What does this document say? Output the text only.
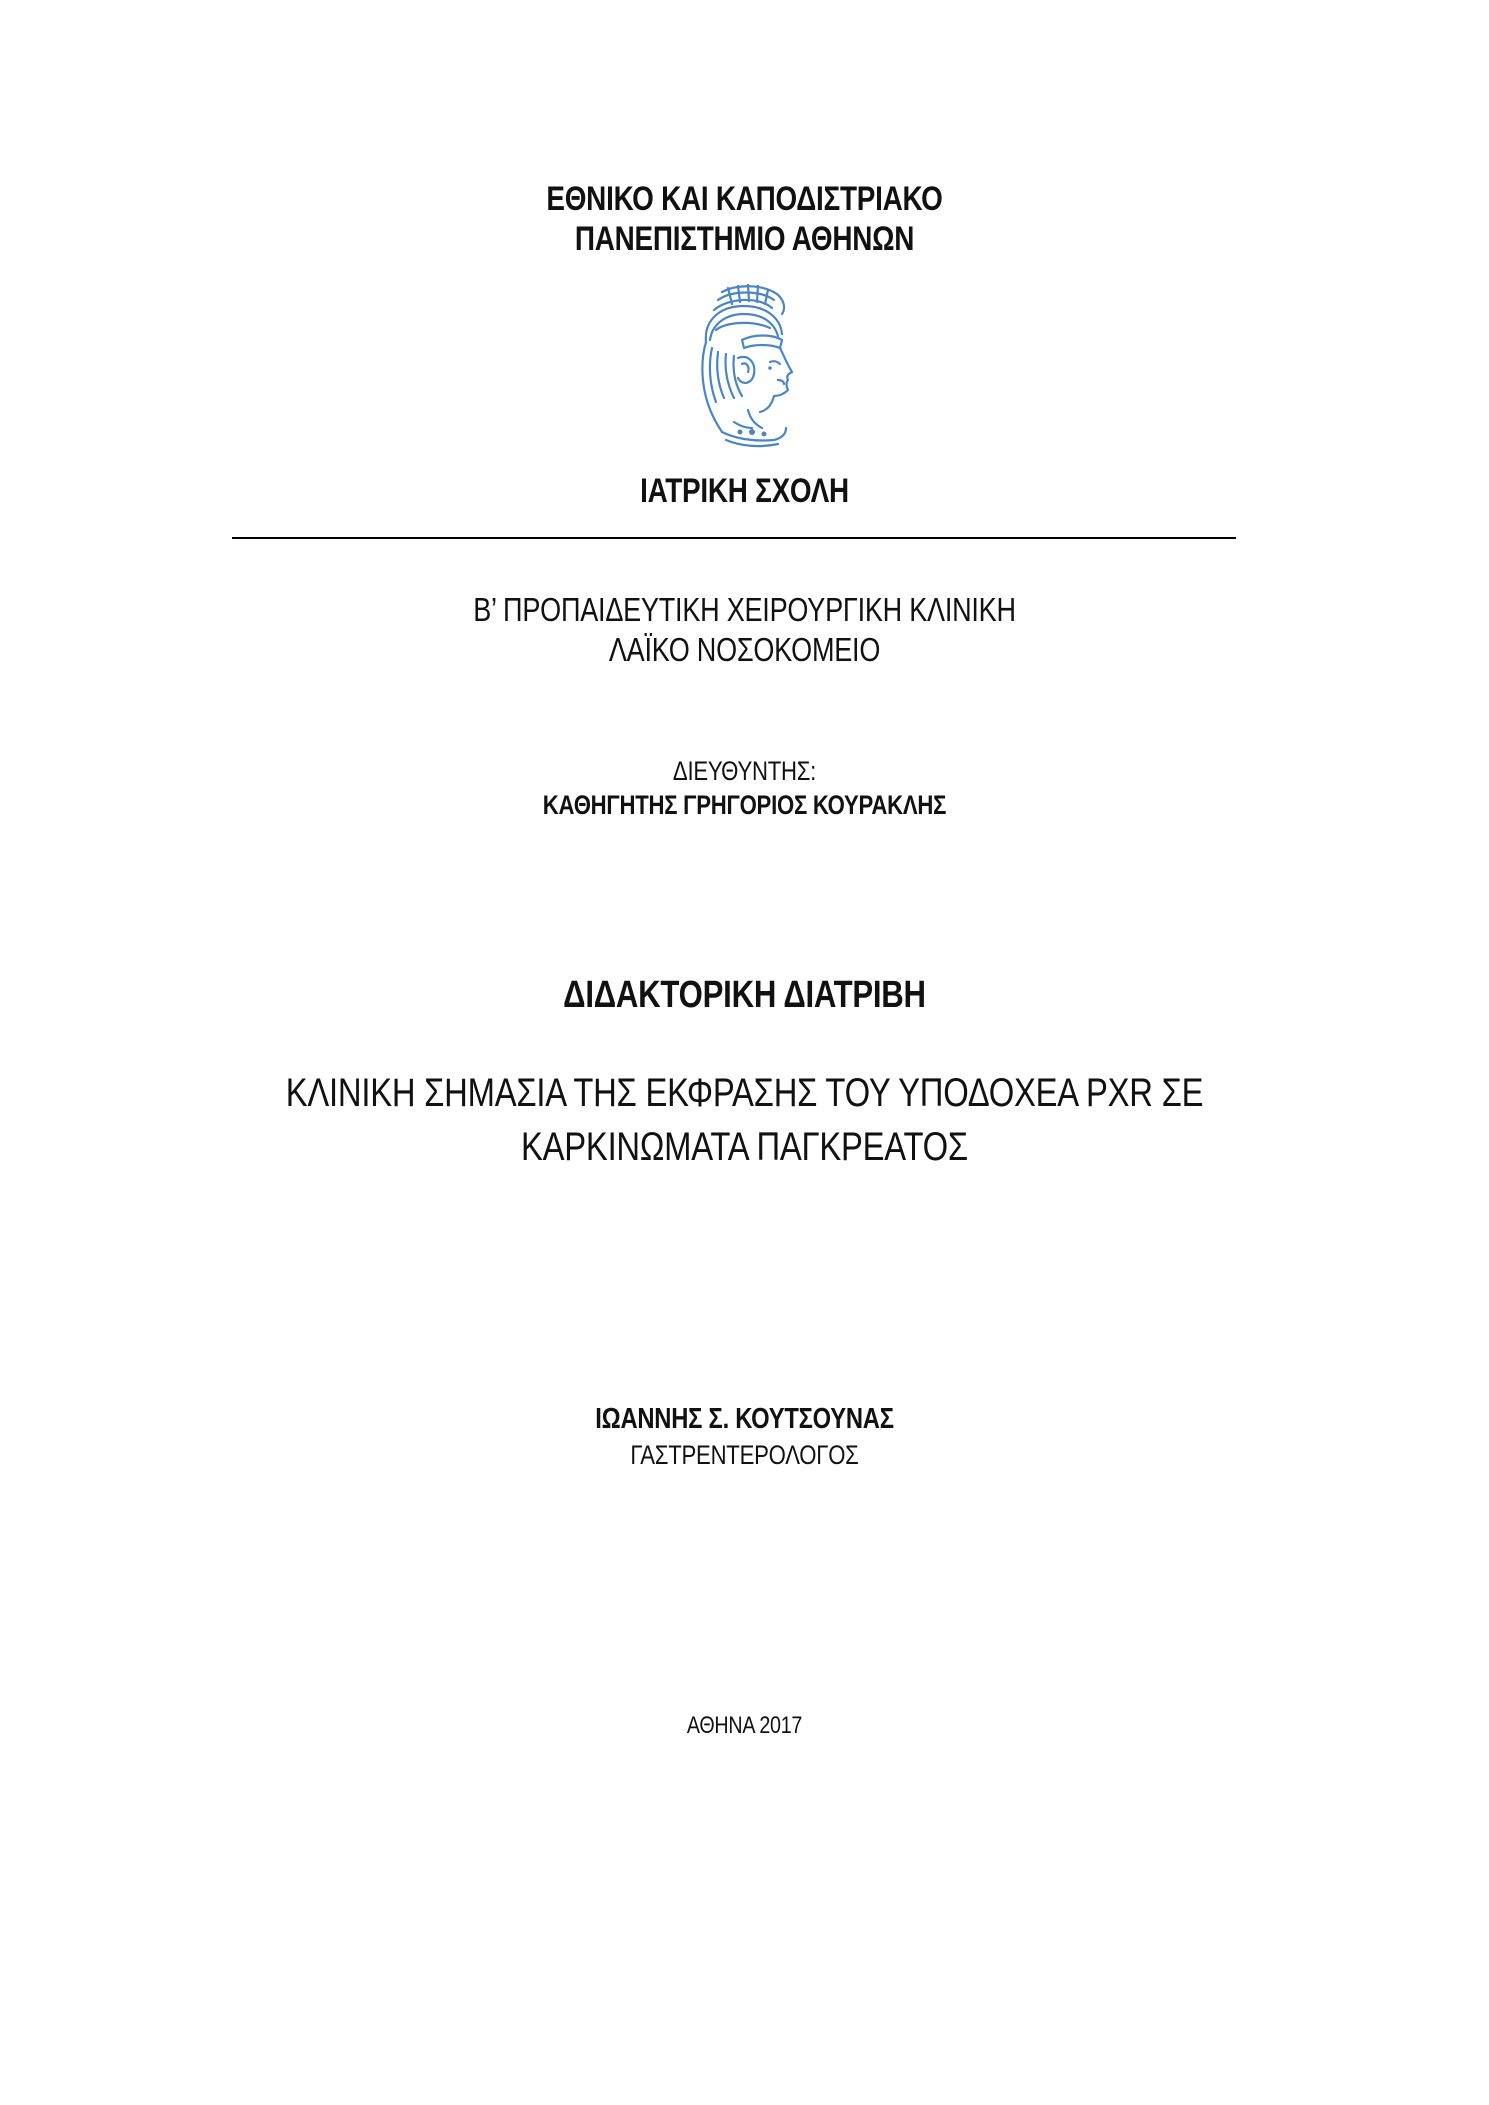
ΕΘΝΙΚΟ ΚΑΙ ΚΑΠΟΔΙΣΤΡΙΑΚΟ
ΠΑΝΕΠΙΣΤΗΜΙΟ ΑΘΗΝΩΝ
ΙΑΤΡΙΚΗ ΣΧΟΛΗ
Β’ ΠΡΟΠΑΙΔΕΥΤΙΚΗ ΧΕΙΡΟΥΡΓΙΚΗ ΚΛΙΝΙΚΗ
ΛΑΪΚΟ ΝΟΣΟΚΟΜΕΙΟ
ΔΙΕΥΘΥΝΤΗΣ:
ΚΑΘΗΓΗΤΗΣ ΓΡΗΓΟΡΙΟΣ ΚΟΥΡΑΚΛΗΣ
ΔΙΔΑΚΤΟΡΙΚΗ ΔΙΑΤΡΙΒΗ
ΚΛΙΝΙΚΗ ΣΗΜΑΣΙΑ ΤΗΣ ΕΚΦΡΑΣΗΣ ΤΟΥ ΥΠΟΔΟΧΕΑ PXR ΣΕ
ΚΑΡΚΙΝΩΜΑΤΑ ΠΑΓΚΡΕΑΤΟΣ
ΙΩΑΝΝΗΣ Σ. ΚΟΥΤΣΟΥΝΑΣ
ΓΑΣΤΡΕΝΤΕΡΟΛΟΓΟΣ
ΑΘΗΝΑ 2017
